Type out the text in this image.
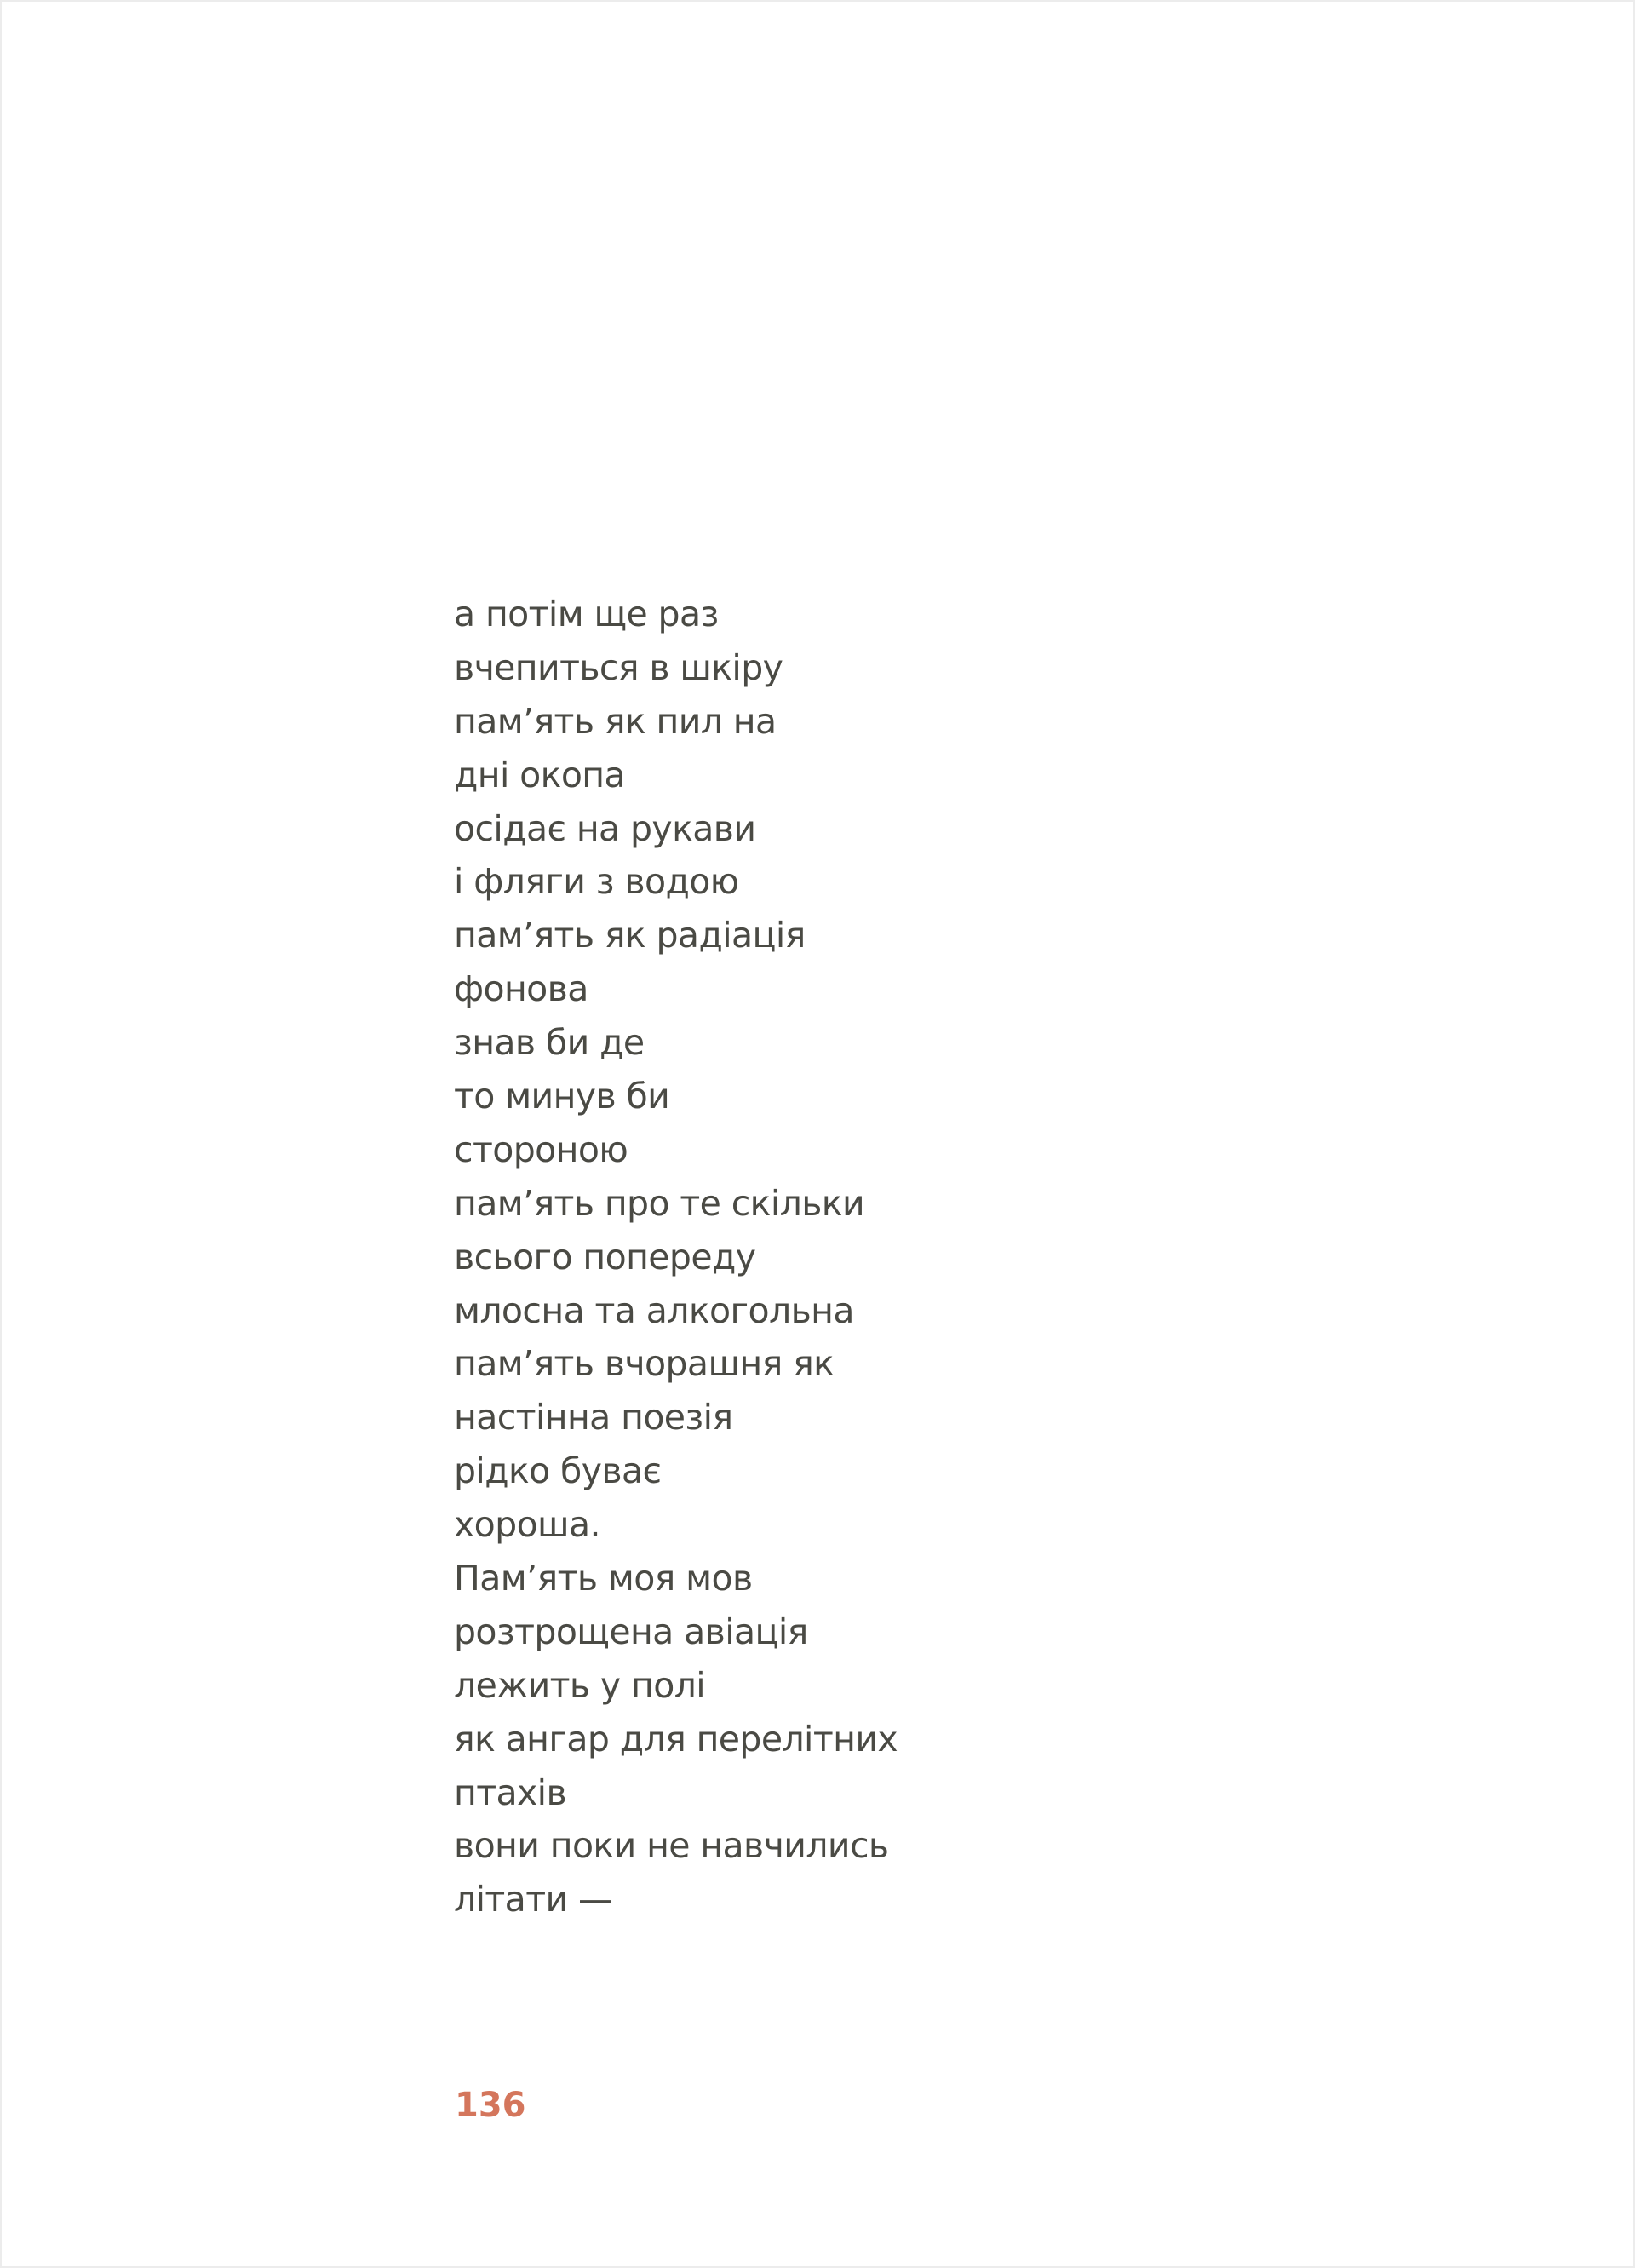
а потім ще раз
вчепиться в шкіру
пам’ять як пил на
дні окопа
осідає на рукави
і фляги з водою
пам’ять як радіація
фонова
знав би де
то минув би
стороною
пам’ять про те скільки
всього попереду
млосна та алкогольна
пам’ять вчорашня як
настінна поезія
рідко буває
хороша.
Пам’ять моя мов
розтрощена авіація
лежить у полі
як ангар для перелітних
птахів
вони поки не навчились
літати —
136
